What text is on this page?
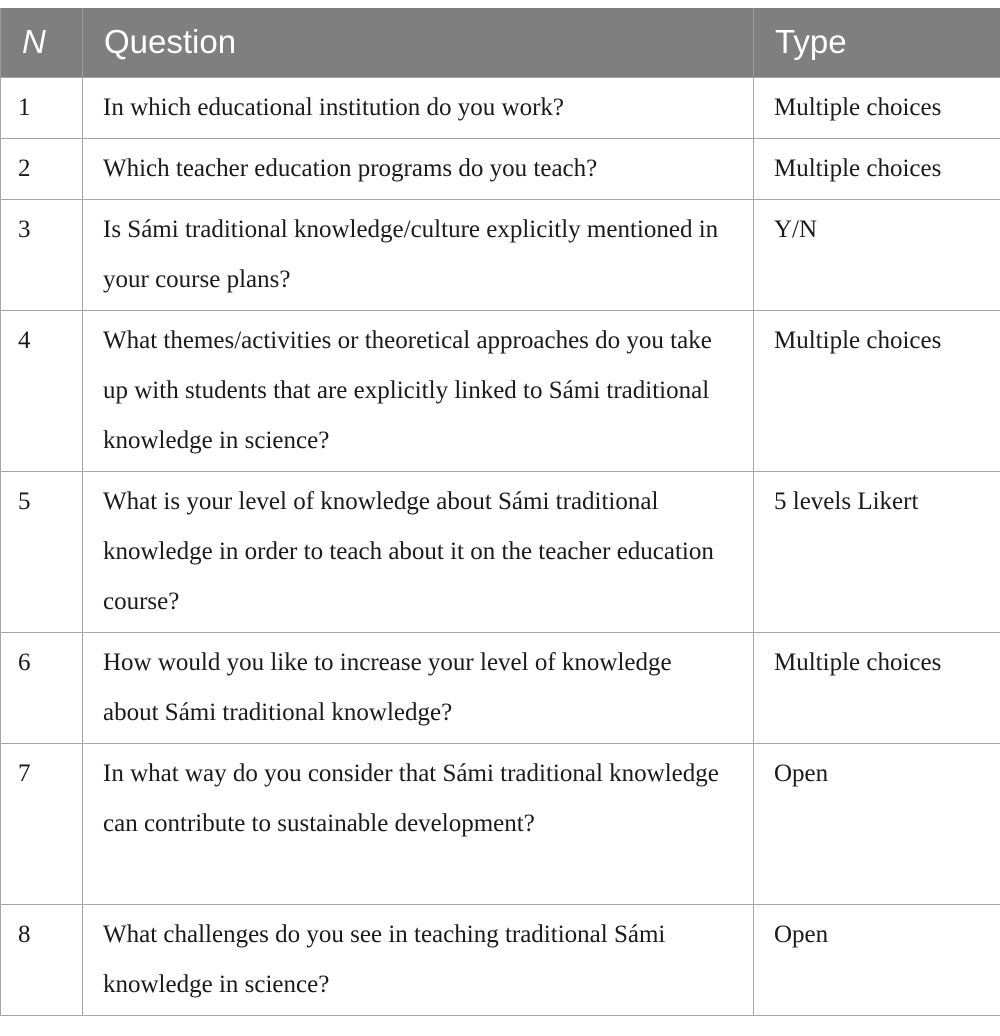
N	Question	Type
1	In which educational institution do you work?	Multiple choices
2	Which teacher education programs do you teach?	Multiple choices
3	Is Sámi traditional knowledge/culture explicitly mentioned in your course plans?	Y/N
4	What themes/activities or theoretical approaches do you take up with students that are explicitly linked to Sámi traditional knowledge in science?	Multiple choices
5	What is your level of knowledge about Sámi traditional knowledge in order to teach about it on the teacher education course?	5 levels Likert
6	How would you like to increase your level of knowledge about Sámi traditional knowledge?	Multiple choices
7	In what way do you consider that Sámi traditional knowledge can contribute to sustainable development?	Open
8	What challenges do you see in teaching traditional Sámi knowledge in science?	Open
